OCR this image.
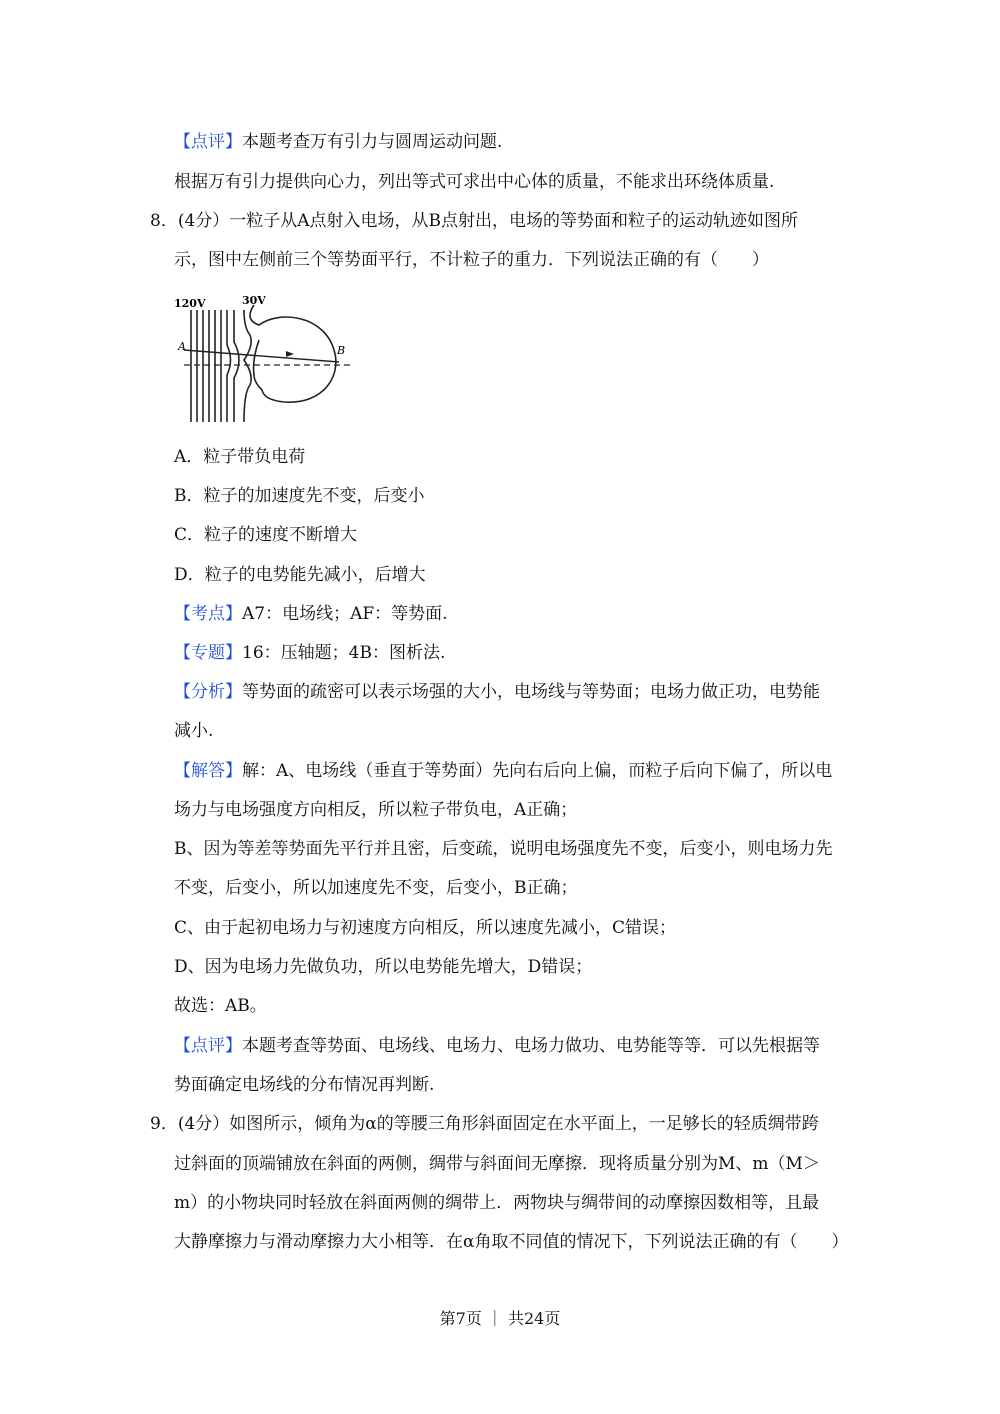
【点评】本题考查万有引力与圆周运动问题.
根据万有引力提供向心力，列出等式可求出中心体的质量，不能求出环绕体质量.
8．(4分）一粒子从A点射入电场，从B点射出，电场的等势面和粒子的运动轨迹如图所
示，图中左侧前三个等势面平行，不计粒子的重力．下列说法正确的有（　　）
120V	30V
A	B
A．粒子带负电荷
B．粒子的加速度先不变，后变小
C．粒子的速度不断增大
D．粒子的电势能先减小，后增大
【考点】A7：电场线；AF：等势面.
【专题】16：压轴题；4B：图析法.
【分析】等势面的疏密可以表示场强的大小，电场线与等势面；电场力做正功，电势能
减小.
【解答】解：A、电场线（垂直于等势面）先向右后向上偏，而粒子后向下偏了，所以电
场力与电场强度方向相反，所以粒子带负电，A正确；
B、因为等差等势面先平行并且密，后变疏，说明电场强度先不变，后变小，则电场力先
不变，后变小，所以加速度先不变，后变小，B正确；
C、由于起初电场力与初速度方向相反，所以速度先减小，C错误；
D、因为电场力先做负功，所以电势能先增大，D错误；
故选：AB。
【点评】本题考查等势面、电场线、电场力、电场力做功、电势能等等．可以先根据等
势面确定电场线的分布情况再判断.
9．(4分）如图所示，倾角为α的等腰三角形斜面固定在水平面上，一足够长的轻质绸带跨
过斜面的顶端铺放在斜面的两侧，绸带与斜面间无摩擦．现将质量分别为M、m（M＞
m）的小物块同时轻放在斜面两侧的绸带上．两物块与绸带间的动摩擦因数相等，且最
大静摩擦力与滑动摩擦力大小相等．在α角取不同值的情况下，下列说法正确的有（　　）
第7页 ｜ 共24页
